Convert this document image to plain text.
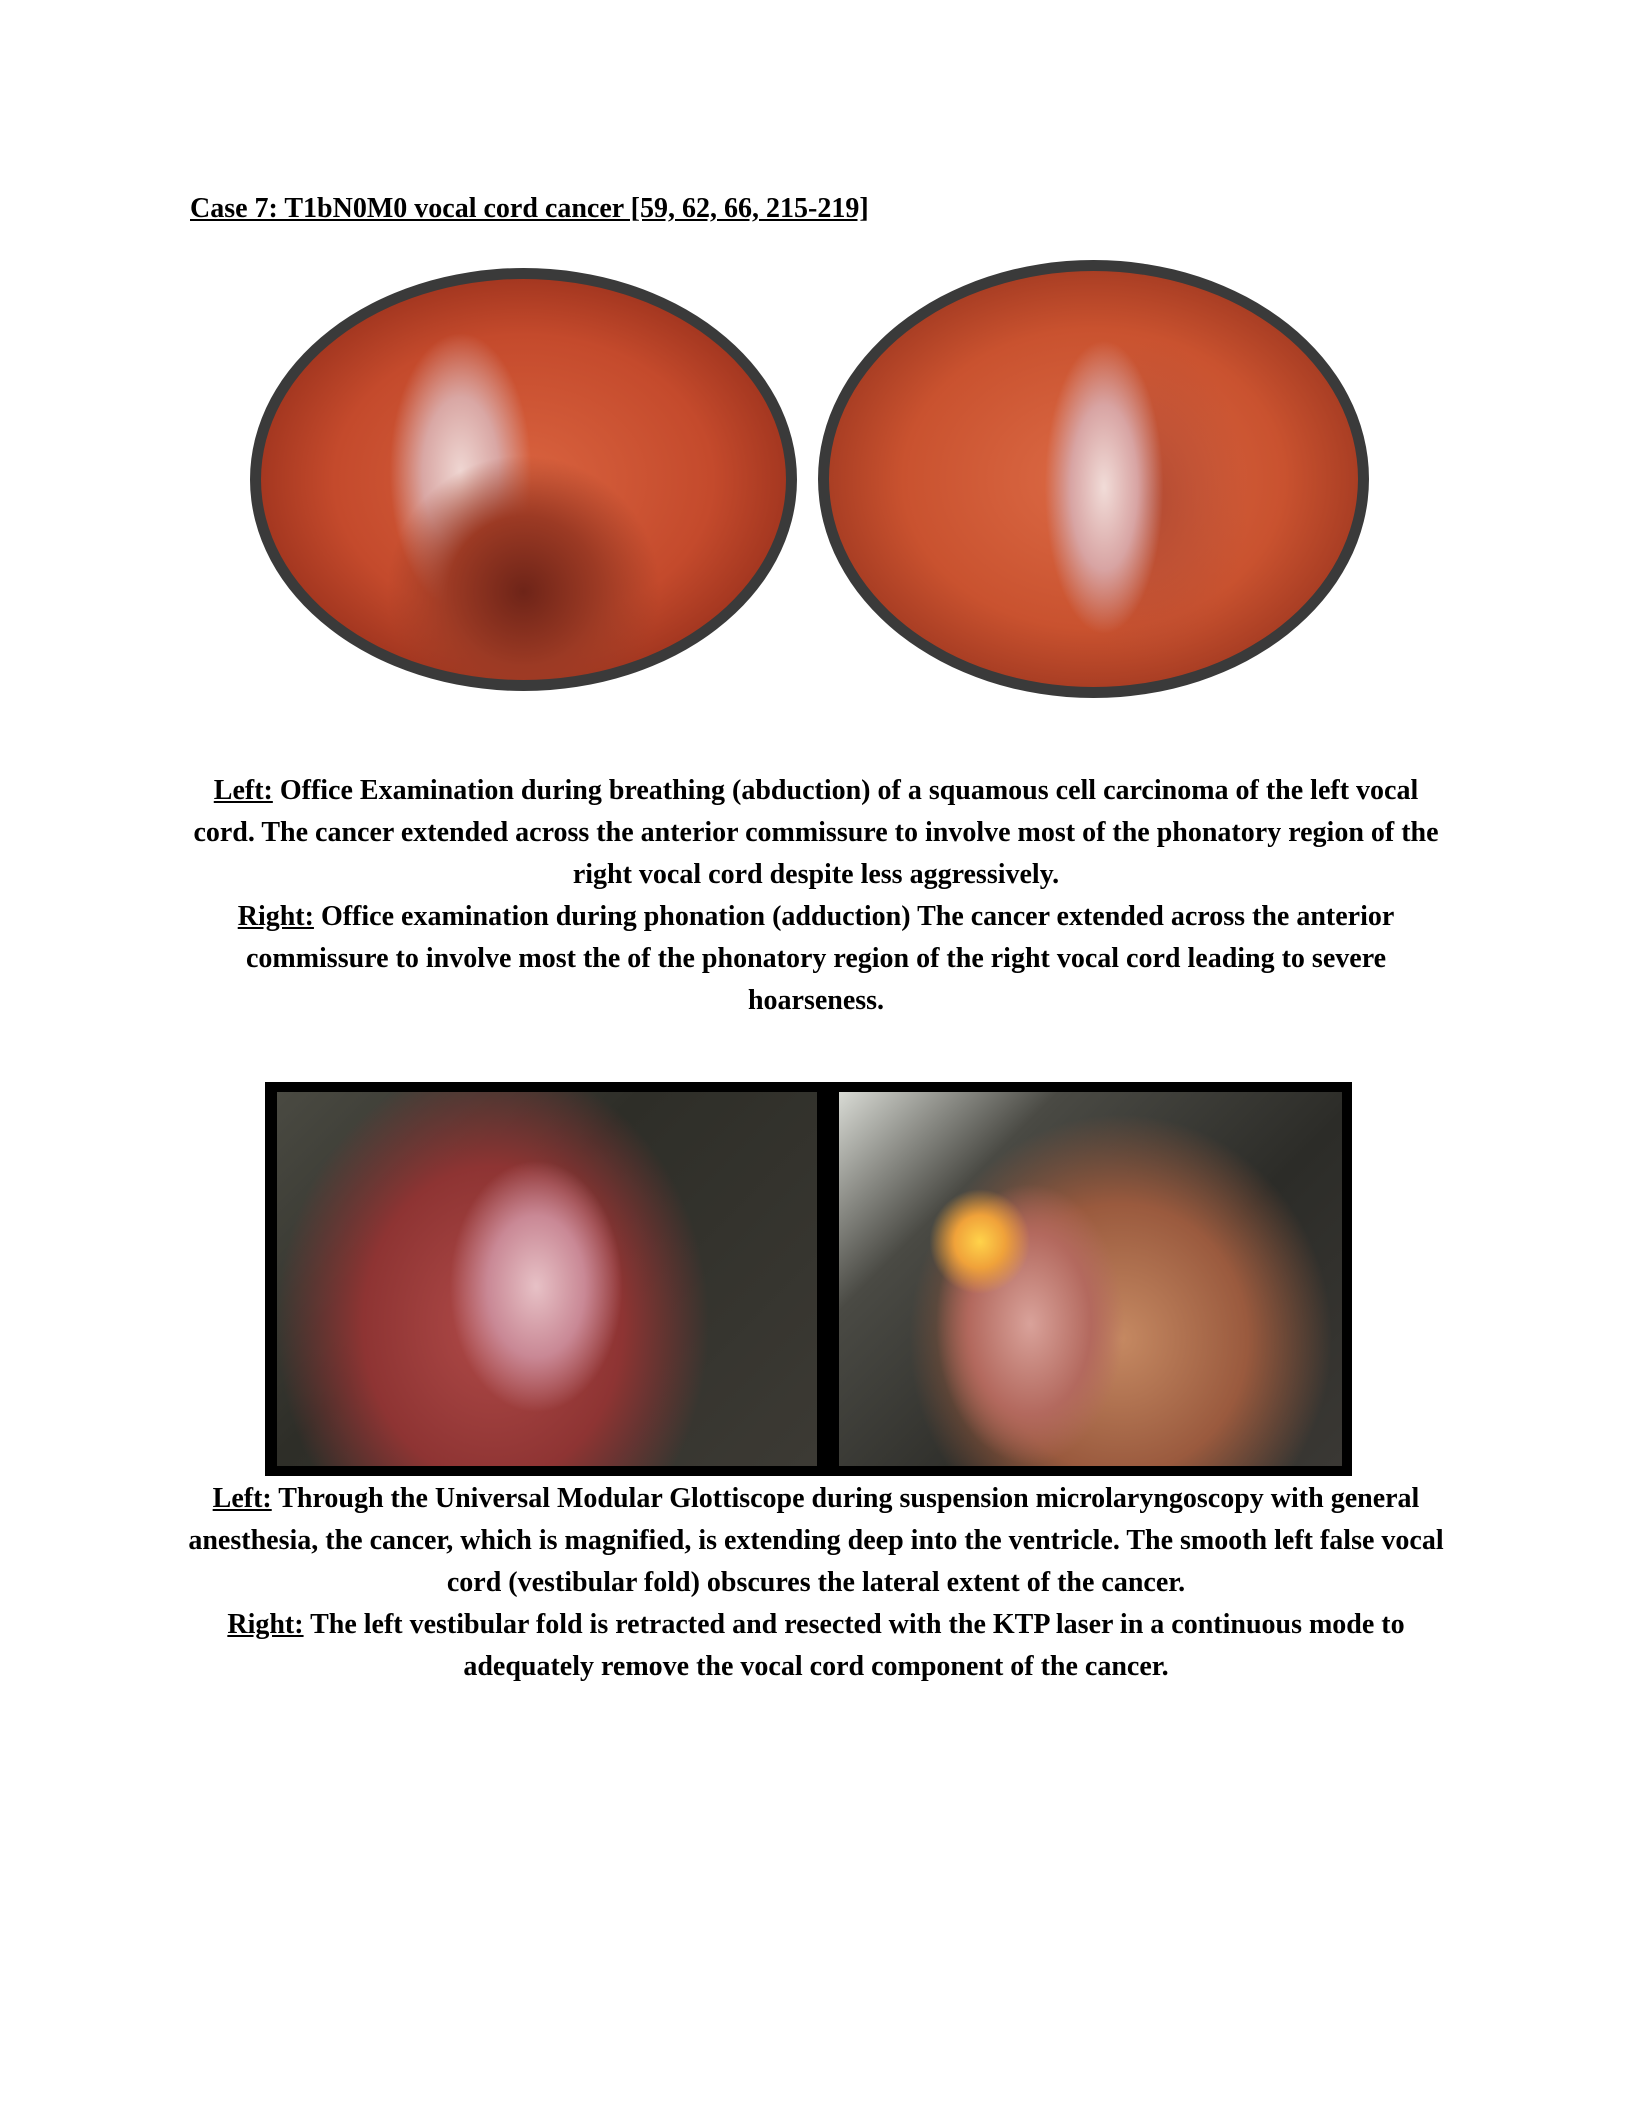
Case 7: T1bN0M0 vocal cord cancer [59, 62, 66, 215-219]
Left: Office Examination during breathing (abduction) of a squamous cell carcinoma of the left vocal cord. The cancer extended across the anterior commissure to involve most of the phonatory region of the right vocal cord despite less aggressively.
Right: Office examination during phonation (adduction) The cancer extended across the anterior commissure to involve most the of the phonatory region of the right vocal cord leading to severe hoarseness.
Left: Through the Universal Modular Glottiscope during suspension microlaryngoscopy with general anesthesia, the cancer, which is magnified, is extending deep into the ventricle. The smooth left false vocal cord (vestibular fold) obscures the lateral extent of the cancer.
Right: The left vestibular fold is retracted and resected with the KTP laser in a continuous mode to adequately remove the vocal cord component of the cancer.
